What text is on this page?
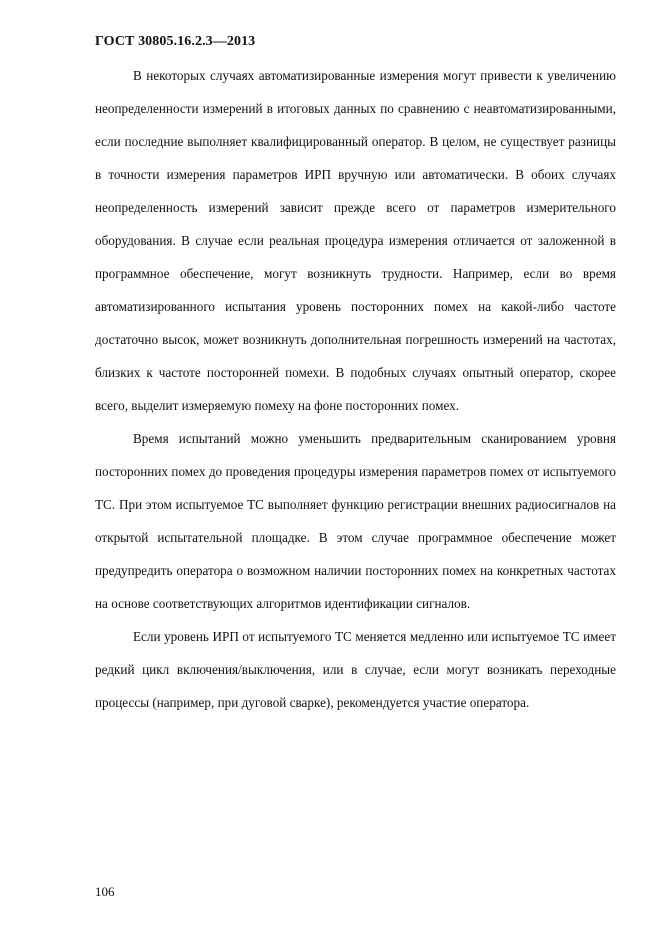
ГОСТ 30805.16.2.3—2013

В некоторых случаях автоматизированные измерения могут привести к увеличению неопределенности измерений в итоговых данных по сравнению с неавтоматизированными, если последние выполняет квалифицированный оператор. В целом, не существует разницы в точности измерения параметров ИРП вручную или автоматически. В обоих случаях неопределенность измерений зависит прежде всего от параметров измерительного оборудования. В случае если реальная процедура измерения отличается от заложенной в программное обеспечение, могут возникнуть трудности. Например, если во время автоматизированного испытания уровень посторонних помех на какой-либо частоте достаточно высок, может возникнуть дополнительная погрешность измерений на частотах, близких к частоте посторонней помехи. В подобных случаях опытный оператор, скорее всего, выделит измеряемую помеху на фоне посторонних помех.

Время испытаний можно уменьшить предварительным сканированием уровня посторонних помех до проведения процедуры измерения параметров помех от испытуемого ТС. При этом испытуемое ТС выполняет функцию регистрации внешних радиосигналов на открытой испытательной площадке. В этом случае программное обеспечение может предупредить оператора о возможном наличии посторонних помех на конкретных частотах на основе соответствующих алгоритмов идентификации сигналов.

Если уровень ИРП от испытуемого ТС меняется медленно или испытуемое ТС имеет редкий цикл включения/выключения, или в случае, если могут возникать переходные процессы (например, при дуговой сварке), рекомендуется участие оператора.

106
